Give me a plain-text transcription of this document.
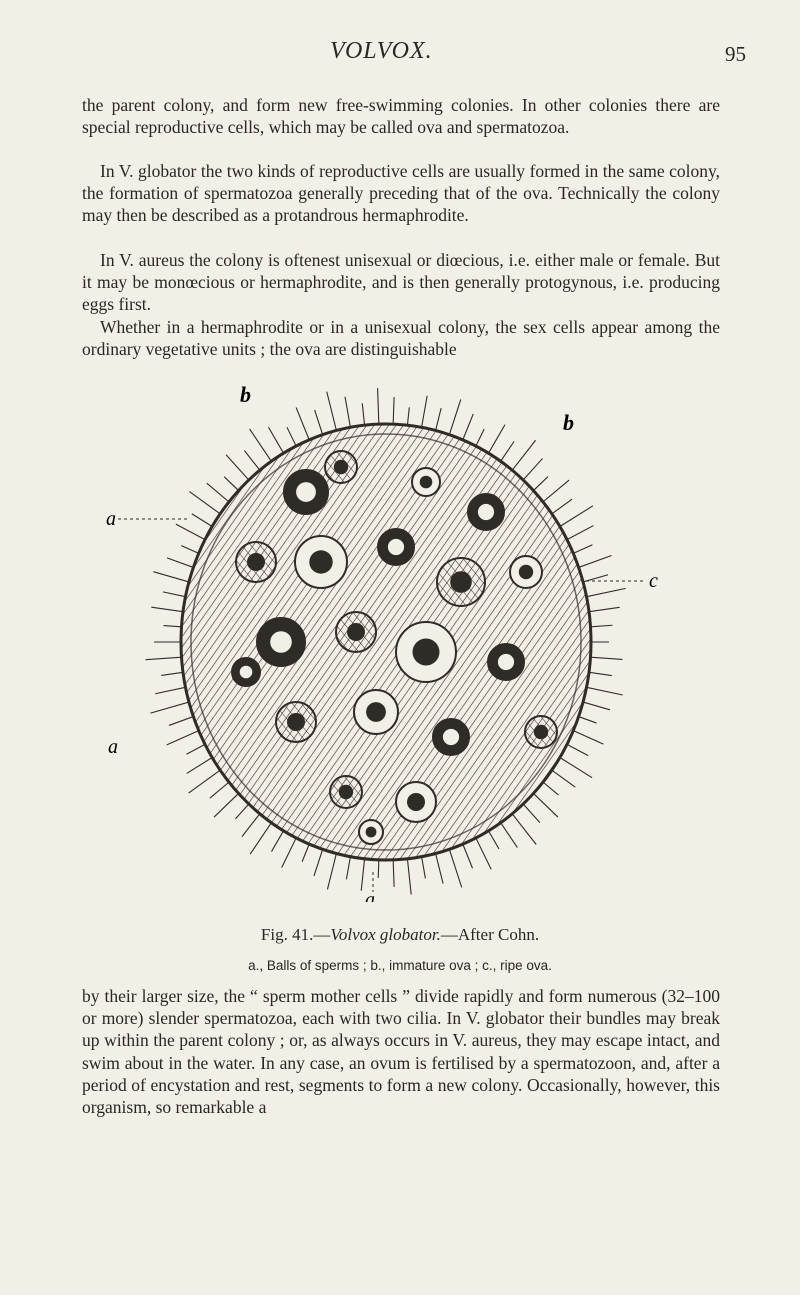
VOLVOX.	95

the parent colony, and form new free-swimming colonies. In other colonies there are special reproductive cells, which may be called ova and spermatozoa.

In V. globator the two kinds of reproductive cells are usually formed in the same colony, the formation of spermatozoa generally preceding that of the ova. Technically the colony may then be described as a protandrous hermaphrodite.

In V. aureus the colony is oftenest unisexual or diœcious, i.e. either male or female. But it may be monœcious or hermaphrodite, and is then generally protogynous, i.e. producing eggs first.

Whether in a hermaphrodite or in a unisexual colony, the sex cells appear among the ordinary vegetative units ; the ova are distinguishable

b
b
a
a
a
c
Fig. 41.—Volvox globator.—After Cohn.
a., Balls of sperms ; b., immature ova ; c., ripe ova.

by their larger size, the “ sperm mother cells ” divide rapidly and form numerous (32–100 or more) slender spermatozoa, each with two cilia. In V. globator their bundles may break up within the parent colony ; or, as always occurs in V. aureus, they may escape intact, and swim about in the water. In any case, an ovum is fertilised by a spermatozoon, and, after a period of encystation and rest, segments to form a new colony. Occasionally, however, this organism, so remarkable a
